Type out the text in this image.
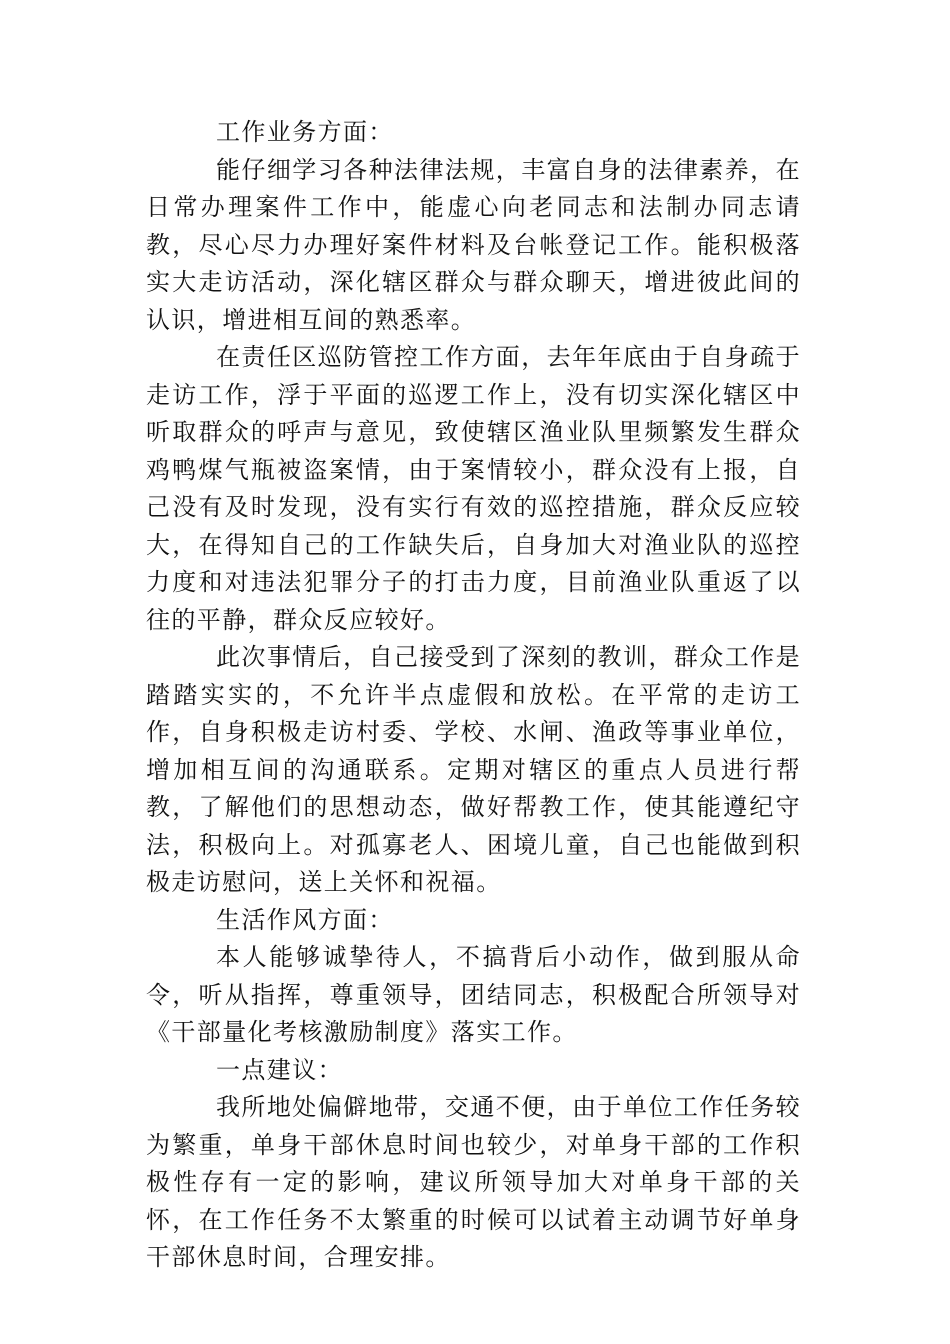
工作业务方面：

能仔细学习各种法律法规，丰富自身的法律素养，在日常办理案件工作中，能虚心向老同志和法制办同志请教，尽心尽力办理好案件材料及台帐登记工作。能积极落实大走访活动，深化辖区群众与群众聊天，增进彼此间的认识，增进相互间的熟悉率。

在责任区巡防管控工作方面，去年年底由于自身疏于走访工作，浮于平面的巡逻工作上，没有切实深化辖区中听取群众的呼声与意见，致使辖区渔业队里频繁发生群众鸡鸭煤气瓶被盗案情，由于案情较小，群众没有上报，自己没有及时发现，没有实行有效的巡控措施，群众反应较大，在得知自己的工作缺失后，自身加大对渔业队的巡控力度和对违法犯罪分子的打击力度，目前渔业队重返了以往的平静，群众反应较好。

此次事情后，自己接受到了深刻的教训，群众工作是踏踏实实的，不允许半点虚假和放松。在平常的走访工作，自身积极走访村委、学校、水闸、渔政等事业单位，增加相互间的沟通联系。定期对辖区的重点人员进行帮教，了解他们的思想动态，做好帮教工作，使其能遵纪守法，积极向上。对孤寡老人、困境儿童，自己也能做到积极走访慰问，送上关怀和祝福。

生活作风方面：

本人能够诚挚待人，不搞背后小动作，做到服从命令，听从指挥，尊重领导，团结同志，积极配合所领导对《干部量化考核激励制度》落实工作。

一点建议：

我所地处偏僻地带，交通不便，由于单位工作任务较为繁重，单身干部休息时间也较少，对单身干部的工作积极性存有一定的影响，建议所领导加大对单身干部的关怀，在工作任务不太繁重的时候可以试着主动调节好单身干部休息时间，合理安排。
